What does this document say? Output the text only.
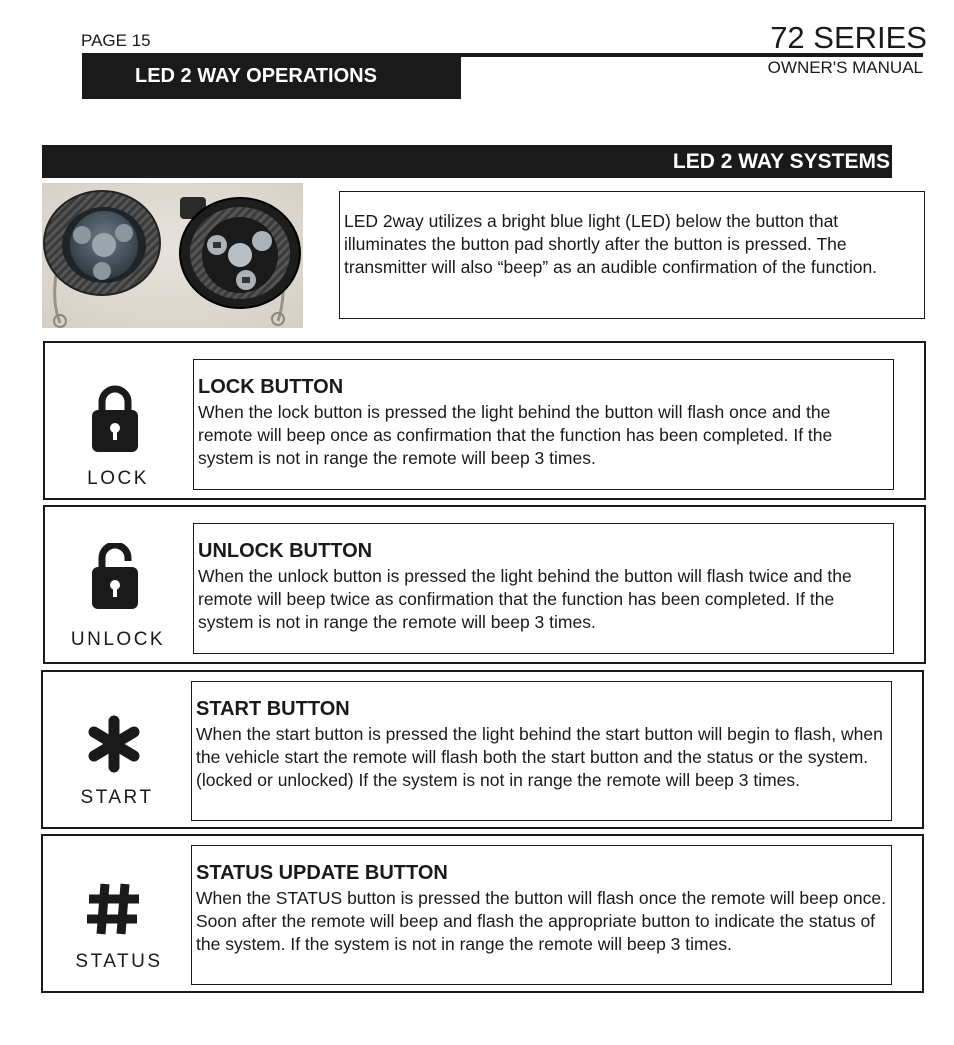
PAGE 15
LED 2 WAY OPERATIONS
72 SERIES
OWNER'S MANUAL
LED 2 WAY SYSTEMS
LED 2way utilizes a bright blue light (LED) below the button that illuminates the button pad shortly after the button is pressed. The transmitter will also “beep” as an audible confirmation of the function.
LOCK
LOCK BUTTON

When the lock button is pressed the light behind the button will flash once and the remote will beep once as confirmation that the function has been completed. If the system is not in range the remote will beep 3 times.

UNLOCK
UNLOCK BUTTON

When the unlock button is pressed the light behind the button will flash twice and the remote will beep twice as confirmation that the function has been completed. If the system is not in range the remote will beep 3 times.

START
START BUTTON

When the start button is pressed the light behind the start button will begin to flash, when the vehicle start the remote will flash both the start button and the status or the system. (locked or unlocked) If the system is not in range the remote will beep 3 times.

STATUS
STATUS UPDATE BUTTON

When the STATUS button is pressed the button will flash once the remote will beep once. Soon after the remote will beep and flash the appropriate button to indicate the status of the system. If the system is not in range the remote will beep 3 times.
